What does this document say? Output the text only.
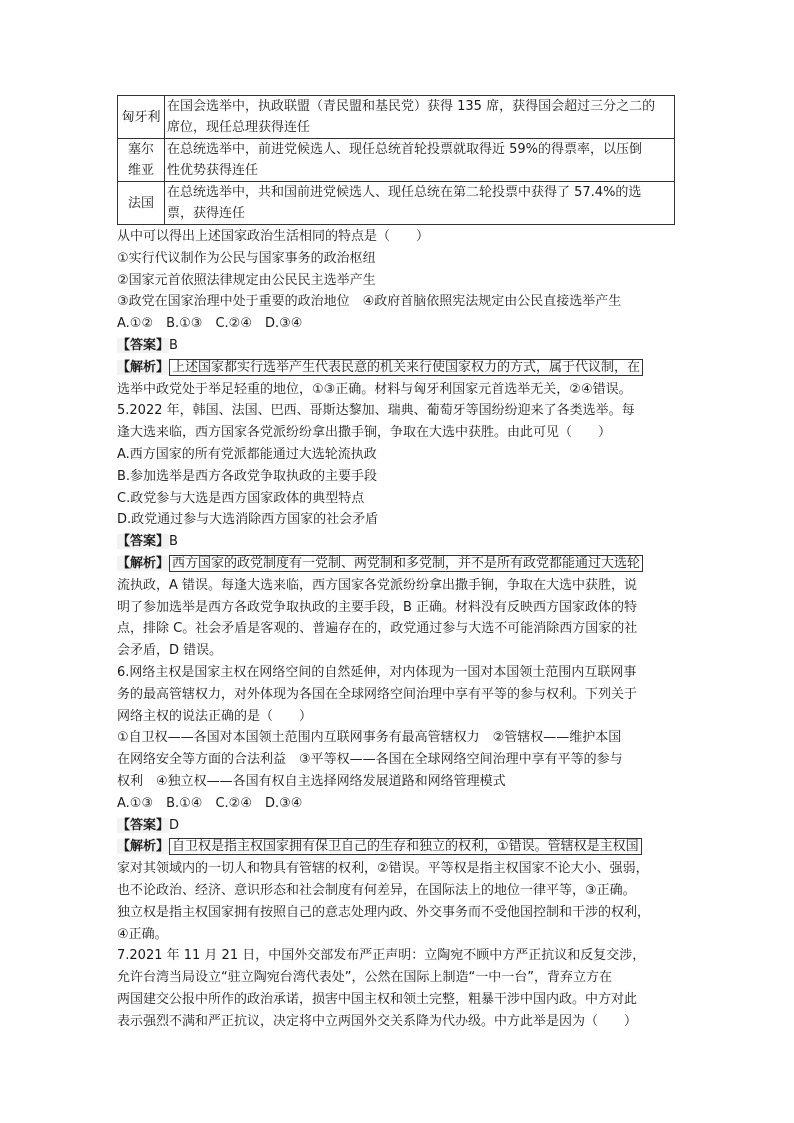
匈牙利	在国会选举中，执政联盟（青民盟和基民党）获得 135 席，获得国会超过三分之二的
席位，现任总理获得连任
塞尔
维亚	在总统选举中，前进党候选人、现任总统首轮投票就取得近 59%的得票率，以压倒
性优势获得连任
法国	在总统选举中，共和国前进党候选人、现任总统在第二轮投票中获得了 57.4%的选
票，获得连任

从中可以得出上述国家政治生活相同的特点是（　　）

①实行代议制作为公民与国家事务的政治枢纽

②国家元首依照法律规定由公民民主选举产生

③政党在国家治理中处于重要的政治地位　④政府首脑依照宪法规定由公民直接选举产生

A.①②　B.①③　C.②④　D.③④

【答案】B

【解析】 上述国家都实行选举产生代表民意的机关来行使国家权力的方式，属于代议制，在

选举中政党处于举足轻重的地位，①③正确。材料与匈牙利国家元首选举无关，②④错误。

5.2022 年，韩国、法国、巴西、哥斯达黎加、瑞典、葡萄牙等国纷纷迎来了各类选举。每

逢大选来临，西方国家各党派纷纷拿出撒手锏，争取在大选中获胜。由此可见（　　）

A.西方国家的所有党派都能通过大选轮流执政

B.参加选举是西方各政党争取执政的主要手段

C.政党参与大选是西方国家政体的典型特点

D.政党通过参与大选消除西方国家的社会矛盾

【答案】B

【解析】 西方国家的政党制度有一党制、两党制和多党制，并不是所有政党都能通过大选轮

流执政，A 错误。每逢大选来临，西方国家各党派纷纷拿出撒手锏，争取在大选中获胜，说

明了参加选举是西方各政党争取执政的主要手段，B 正确。材料没有反映西方国家政体的特

点，排除 C。社会矛盾是客观的、普遍存在的，政党通过参与大选不可能消除西方国家的社

会矛盾，D 错误。

6.网络主权是国家主权在网络空间的自然延伸，对内体现为一国对本国领土范围内互联网事

务的最高管辖权力，对外体现为各国在全球网络空间治理中享有平等的参与权利。下列关于

网络主权的说法正确的是（　　）

①自卫权——各国对本国领土范围内互联网事务有最高管辖权力　②管辖权——维护本国

在网络安全等方面的合法利益　③平等权——各国在全球网络空间治理中享有平等的参与

权利　④独立权——各国有权自主选择网络发展道路和网络管理模式

A.①③　B.①④　C.②④　D.③④

【答案】D

【解析】 自卫权是指主权国家拥有保卫自己的生存和独立的权利，①错误。管辖权是主权国

家对其领域内的一切人和物具有管辖的权利，②错误。平等权是指主权国家不论大小、强弱，

也不论政治、经济、意识形态和社会制度有何差异，在国际法上的地位一律平等，③正确。

独立权是指主权国家拥有按照自己的意志处理内政、外交事务而不受他国控制和干涉的权利，

④正确。

7.2021 年 11 月 21 日，中国外交部发布严正声明：立陶宛不顾中方严正抗议和反复交涉，

允许台湾当局设立“驻立陶宛台湾代表处”，公然在国际上制造“一中一台”，背弃立方在

两国建交公报中所作的政治承诺，损害中国主权和领土完整，粗暴干涉中国内政。中方对此

表示强烈不满和严正抗议，决定将中立两国外交关系降为代办级。中方此举是因为（　　）
